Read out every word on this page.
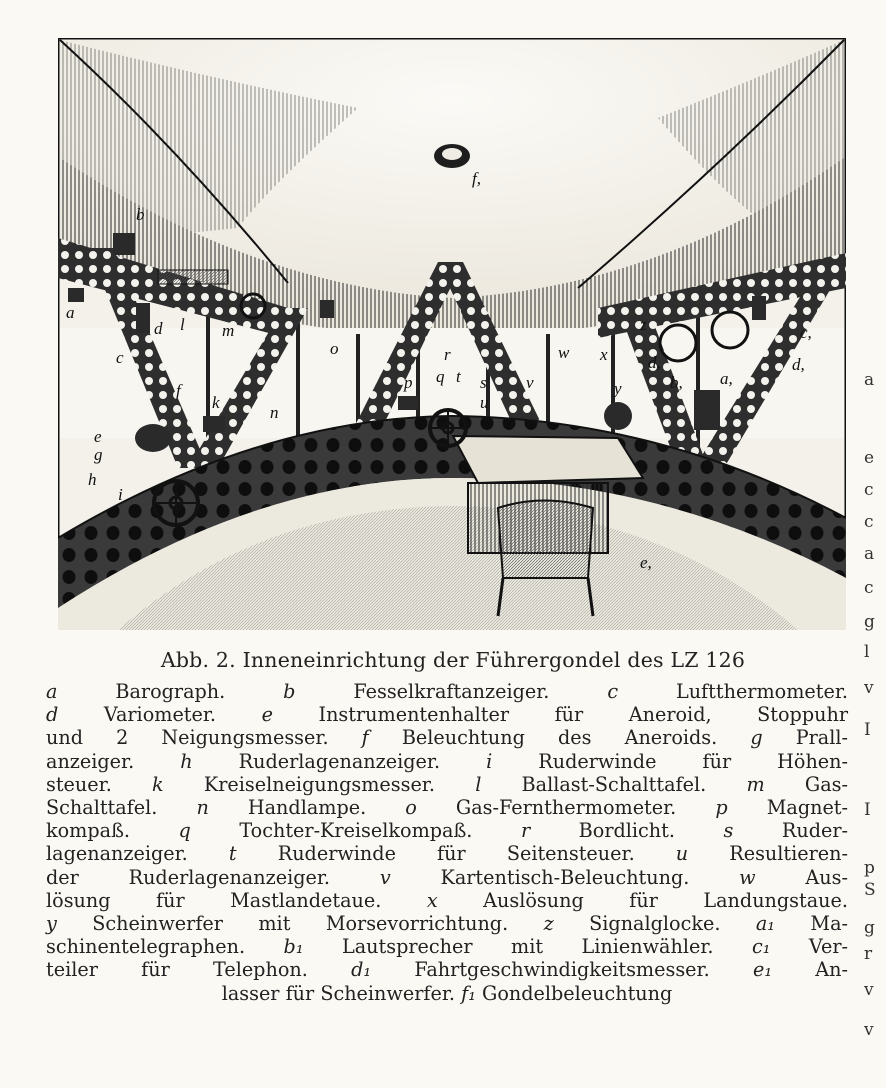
b
a
c
d l m
o
f
k
e
g
h
i
n
r
p q t s
u
v
w x
z
d,
b, a,
c,
d,
y
e,
f,
Abb. 2. Inneneinrichtung der Führergondel des LZ 126
a Barograph. b Fesselkraftanzeiger. c Luftthermometer.
d Variometer. e Instrumentenhalter für Aneroid, Stoppuhr
und 2 Neigungsmesser. f Beleuchtung des Aneroids. g Prall-
anzeiger. h Ruderlagenanzeiger. i Ruderwinde für Höhen-
steuer. k Kreiselneigungsmesser. l Ballast-Schalttafel. m Gas-
Schalttafel. n Handlampe. o Gas-Fernthermometer. p Magnet-
kompaß. q Tochter-Kreiselkompaß. r Bordlicht. s Ruder-
lagenanzeiger. t Ruderwinde für Seitensteuer. u Resultieren-
der Ruderlagenanzeiger. v Kartentisch-Beleuchtung. w Aus-
lösung für Mastlandetaue. x Auslösung für Landungstaue.
y Scheinwerfer mit Morsevorrichtung. z Signalglocke. a₁ Ma-
schinentelegraphen. b₁ Lautsprecher mit Linienwähler. c₁ Ver-
teiler für Telephon. d₁ Fahrtgeschwindigkeitsmesser. e₁ An-
lasser für Scheinwerfer. f₁ Gondelbeleuchtung
a
e
c
c
a
c
g
l
v
I
I
p
S
g
r
v
v
